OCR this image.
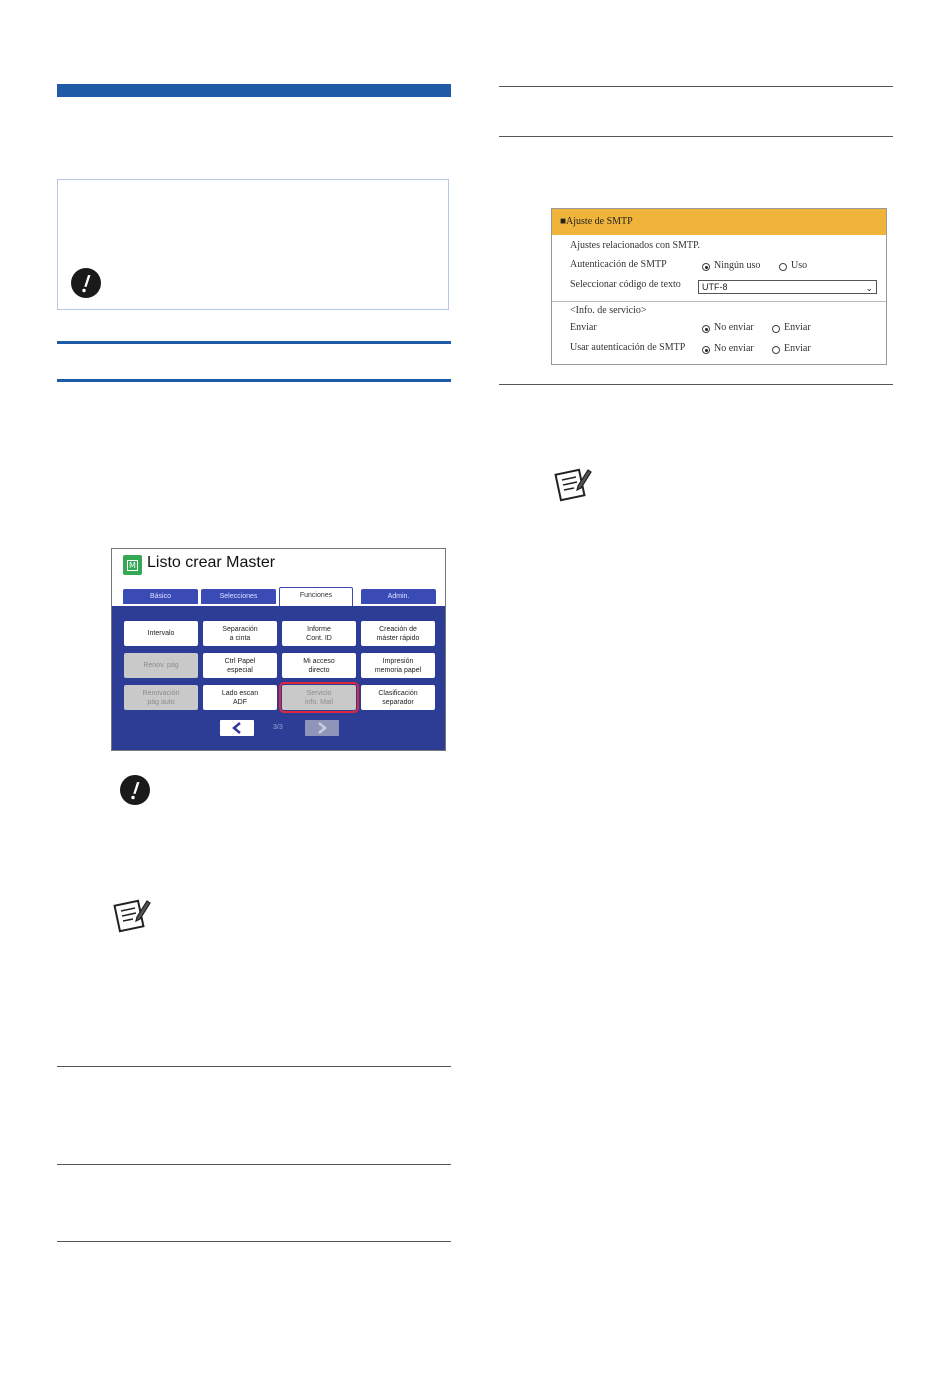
M Listo crear Master
Básico	Selecciones	Funciones	Admin.
Intervalo
Separación
a cinta
Informe
Cont. ID
Creación de
máster rápido
Renov. pág
Ctrl Papel
especial
Mi acceso
directo
Impresión
memoria papel
Renovación
pág auto
Lado escan
ADF
Servicio
info. Mail
Clasificación
separador
3/3
■Ajuste de SMTP
Ajustes relacionados con SMTP.
Autenticación de SMTP	Ningún uso	Uso
Seleccionar código de texto	UTF-8	⌄
<Info. de servicio>
Enviar	No enviar	Enviar
Usar autenticación de SMTP	No enviar	Enviar
